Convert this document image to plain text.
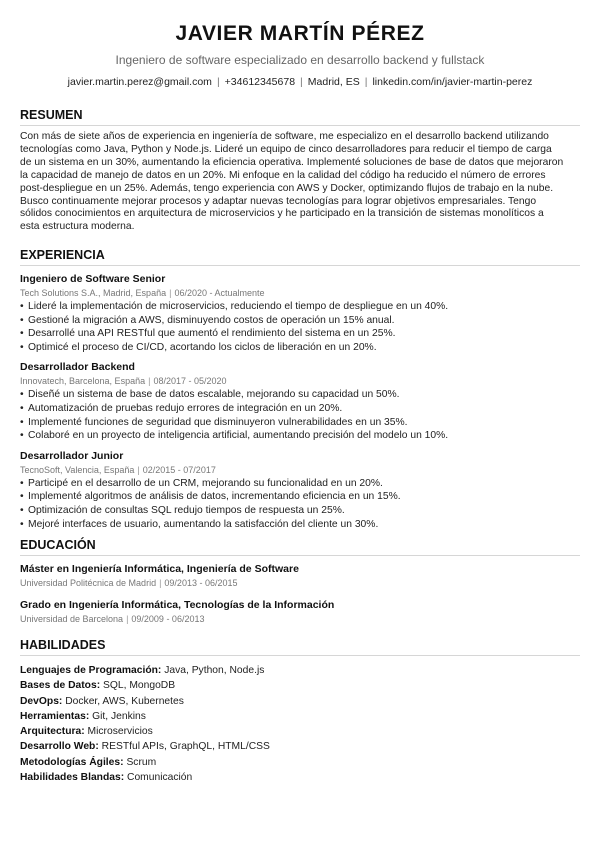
JAVIER MARTÍN PÉREZ
Ingeniero de software especializado en desarrollo backend y fullstack
javier.martin.perez@gmail.com | +34612345678 | Madrid, ES | linkedin.com/in/javier-martin-perez
RESUMEN
Con más de siete años de experiencia en ingeniería de software, me especializo en el desarrollo backend utilizando
tecnologías como Java, Python y Node.js. Lideré un equipo de cinco desarrolladores para reducir el tiempo de carga
de un sistema en un 30%, aumentando la eficiencia operativa. Implementé soluciones de base de datos que mejoraron
la capacidad de manejo de datos en un 20%. Mi enfoque en la calidad del código ha reducido el número de errores
post-despliegue en un 25%. Además, tengo experiencia con AWS y Docker, optimizando flujos de trabajo en la nube.
Busco continuamente mejorar procesos y adaptar nuevas tecnologías para lograr objetivos empresariales. Tengo
sólidos conocimientos en arquitectura de microservicios y he participado en la transición de sistemas monolíticos a
esta estructura moderna.
EXPERIENCIA
Ingeniero de Software Senior
Tech Solutions S.A., Madrid, España | 06/2020 - Actualmente
• Lideré la implementación de microservicios, reduciendo el tiempo de despliegue en un 40%.
• Gestioné la migración a AWS, disminuyendo costos de operación un 15% anual.
• Desarrollé una API RESTful que aumentó el rendimiento del sistema en un 25%.
• Optimicé el proceso de CI/CD, acortando los ciclos de liberación en un 20%.
Desarrollador Backend
Innovatech, Barcelona, España | 08/2017 - 05/2020
• Diseñé un sistema de base de datos escalable, mejorando su capacidad un 50%.
• Automatización de pruebas redujo errores de integración en un 20%.
• Implementé funciones de seguridad que disminuyeron vulnerabilidades en un 35%.
• Colaboré en un proyecto de inteligencia artificial, aumentando precisión del modelo un 10%.
Desarrollador Junior
TecnoSoft, Valencia, España | 02/2015 - 07/2017
• Participé en el desarrollo de un CRM, mejorando su funcionalidad en un 20%.
• Implementé algoritmos de análisis de datos, incrementando eficiencia en un 15%.
• Optimización de consultas SQL redujo tiempos de respuesta un 25%.
• Mejoré interfaces de usuario, aumentando la satisfacción del cliente un 30%.
EDUCACIÓN
Máster en Ingeniería Informática, Ingeniería de Software
Universidad Politécnica de Madrid | 09/2013 - 06/2015
Grado en Ingeniería Informática, Tecnologías de la Información
Universidad de Barcelona | 09/2009 - 06/2013
HABILIDADES
Lenguajes de Programación: Java, Python, Node.js
Bases de Datos: SQL, MongoDB
DevOps: Docker, AWS, Kubernetes
Herramientas: Git, Jenkins
Arquitectura: Microservicios
Desarrollo Web: RESTful APIs, GraphQL, HTML/CSS
Metodologías Ágiles: Scrum
Habilidades Blandas: Comunicación
